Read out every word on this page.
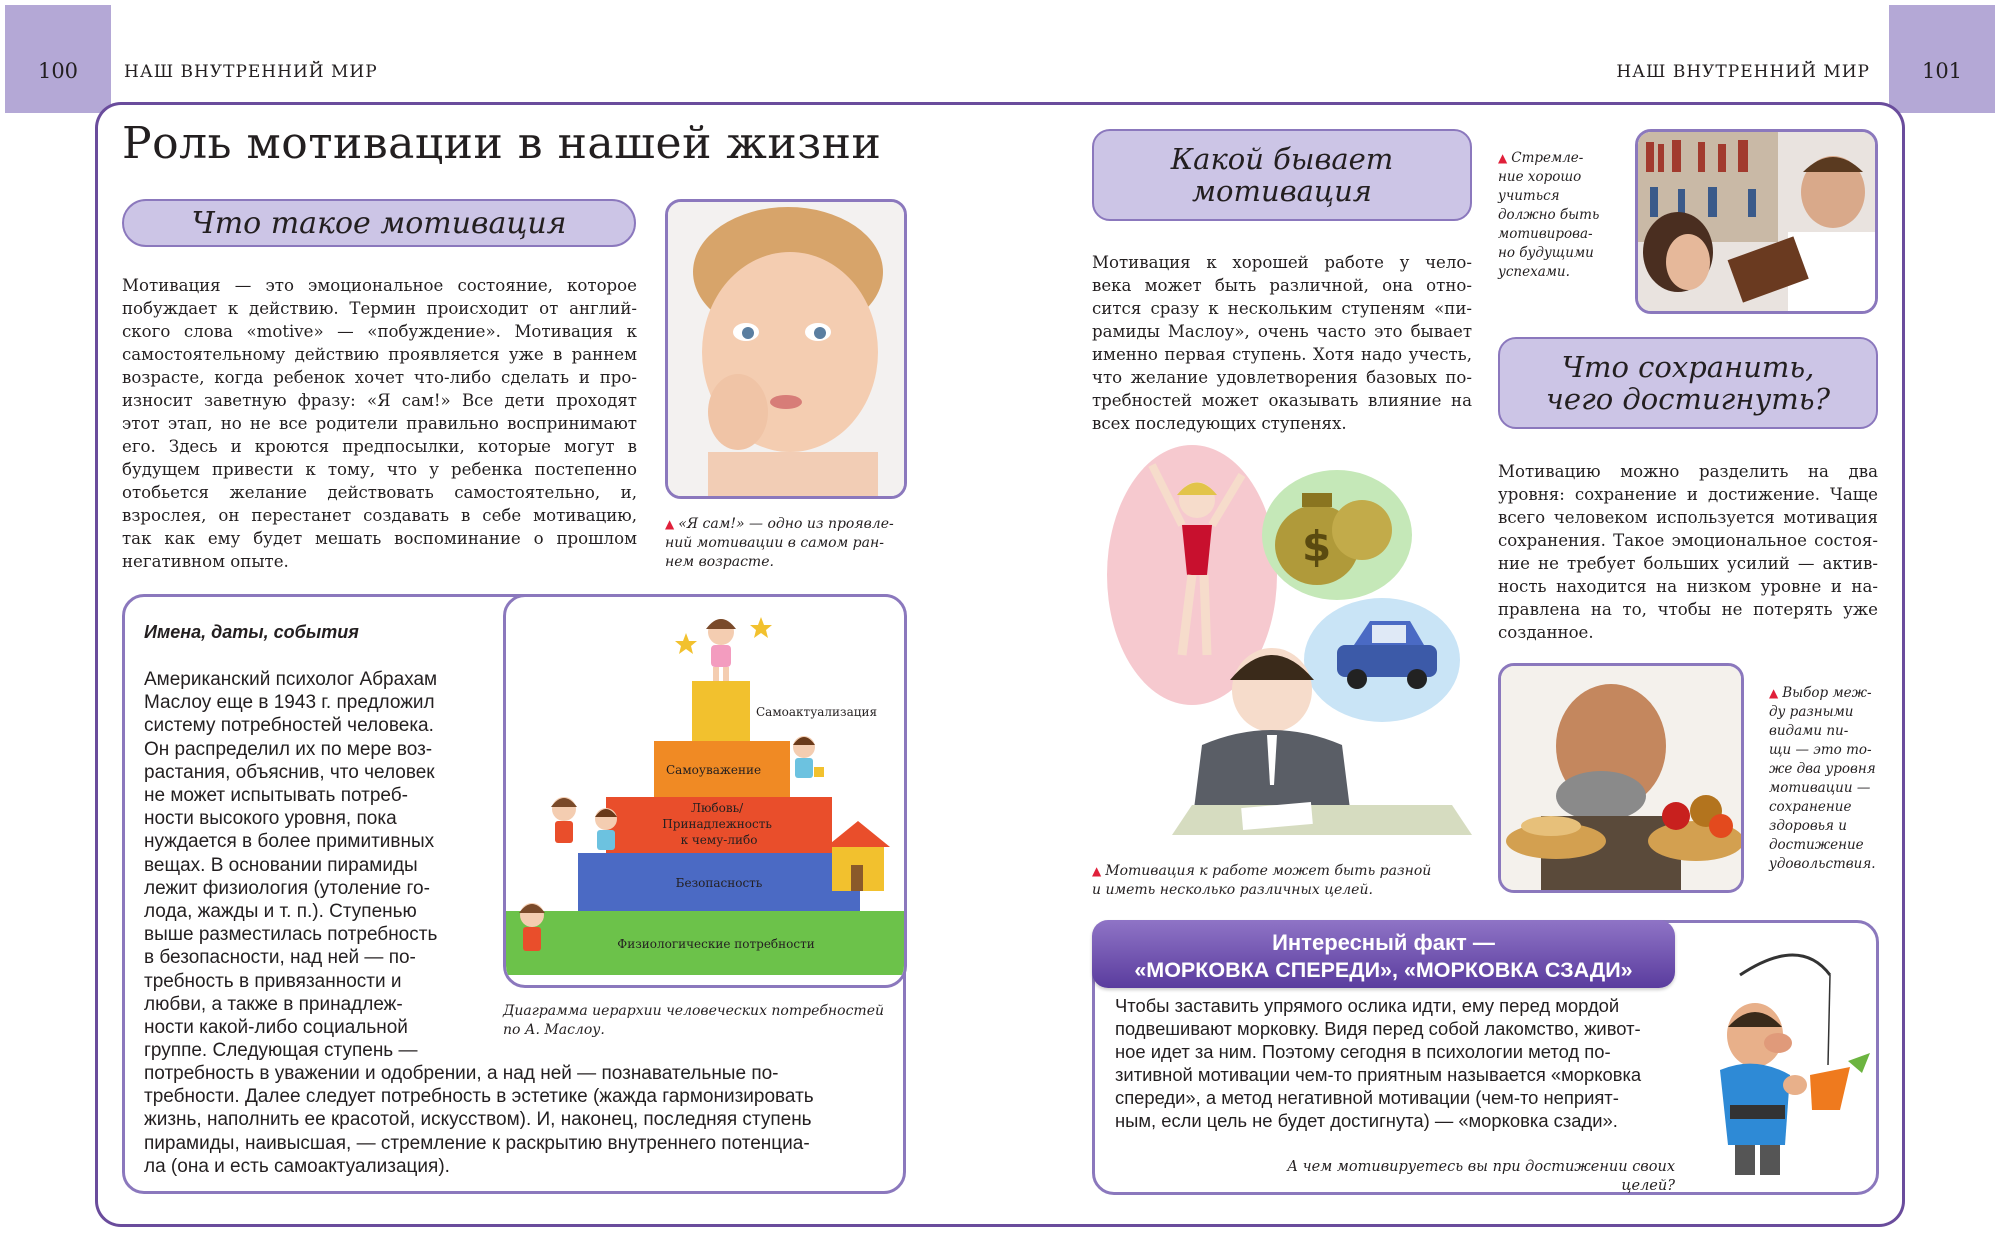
100	НАШ ВНУТРЕННИЙ МИР	НАШ ВНУТРЕННИЙ МИР 101
Роль мотивации в нашей жизни
Что такое мотивация
Мотивация — это эмоциональное состояние, которое
побуждает к действию. Термин происходит от англий-
ского слова «motive» — «побуждение». Мотивация к
самостоятельному действию проявляется уже в раннем
возрасте, когда ребенок хочет что-либо сделать и про-
износит заветную фразу: «Я сам!» Все дети проходят
этот этап, но не все родители правильно воспринимают
его. Здесь и кроются предпосылки, которые могут в
будущем привести к тому, что у ребенка постепенно
отобьется желание действовать самостоятельно, и,
взрослея, он перестанет создавать в себе мотивацию,
так как ему будет мешать воспоминание о прошлом
негативном опыте.
▲ «Я сам!» — одно из проявле-
ний мотивации в самом ран-
нем возрасте.
Имена, даты, события
Американский психолог Абрахам
Маслоу еще в 1943 г. предложил
систему потребностей человека.
Он распределил их по мере воз-
растания, объяснив, что человек
не может испытывать потреб-
ности высокого уровня, пока
нуждается в более примитивных
вещах. В основании пирамиды
лежит физиология (утоление го-
лода, жажды и т. п.). Ступенью
выше разместилась потребность
в безопасности, над ней — по-
требность в привязанности и
любви, а также в принадлеж-
ности какой-либо социальной
группе. Следующая ступень —
потребность в уважении и одобрении, а над ней — познавательные по-
требности. Далее следует потребность в эстетике (жажда гармонизировать
жизнь, наполнить ее красотой, искусством). И, наконец, последняя ступень
пирамиды, наивысшая, — стремление к раскрытию внутреннего потенциа-
ла (она и есть самоактуализация).
Самоактуализация
Самоуважение
Любовь/ Принадлежность к чему-либо
Безопасность
Физиологические потребности
Диаграмма иерархии человеческих потребностей
по А. Маслоу.
Какой бывает
мотивация
Мотивация к хорошей работе у чело-
века может быть различной, она отно-
сится сразу к нескольким ступеням «пи-
рамиды Маслоу», очень часто это бывает
именно первая ступень. Хотя надо учесть,
что желание удовлетворения базовых по-
требностей может оказывать влияние на
всех последующих ступенях.
▲ Стремле-
ние хорошо
учиться
должно быть
мотивирова-
но будущими
успехами.
Что сохранить,
чего достигнуть?
Мотивацию можно разделить на два
уровня: сохранение и достижение. Чаще
всего человеком используется мотивация
сохранения. Такое эмоциональное состоя-
ние не требует больших усилий — актив-
ность находится на низком уровне и на-
правлена на то, чтобы не потерять уже
созданное.
$
▲ Мотивация к работе может быть разной
и иметь несколько различных целей.
▲ Выбор меж-
ду разными
видами пи-
щи — это то-
же два уровня
мотивации —
сохранение
здоровья и
достижение
удовольствия.
Интересный факт —
«МОРКОВКА СПЕРЕДИ», «МОРКОВКА СЗАДИ»
Чтобы заставить упрямого ослика идти, ему перед мордой
подвешивают морковку. Видя перед собой лакомство, живот-
ное идет за ним. Поэтому сегодня в психологии метод по-
зитивной мотивации чем-то приятным называется «морковка
спереди», а метод негативной мотивации (чем-то неприят-
ным, если цель не будет достигнута) — «морковка сзади».
А чем мотивируетесь вы при достижении своих целей?
